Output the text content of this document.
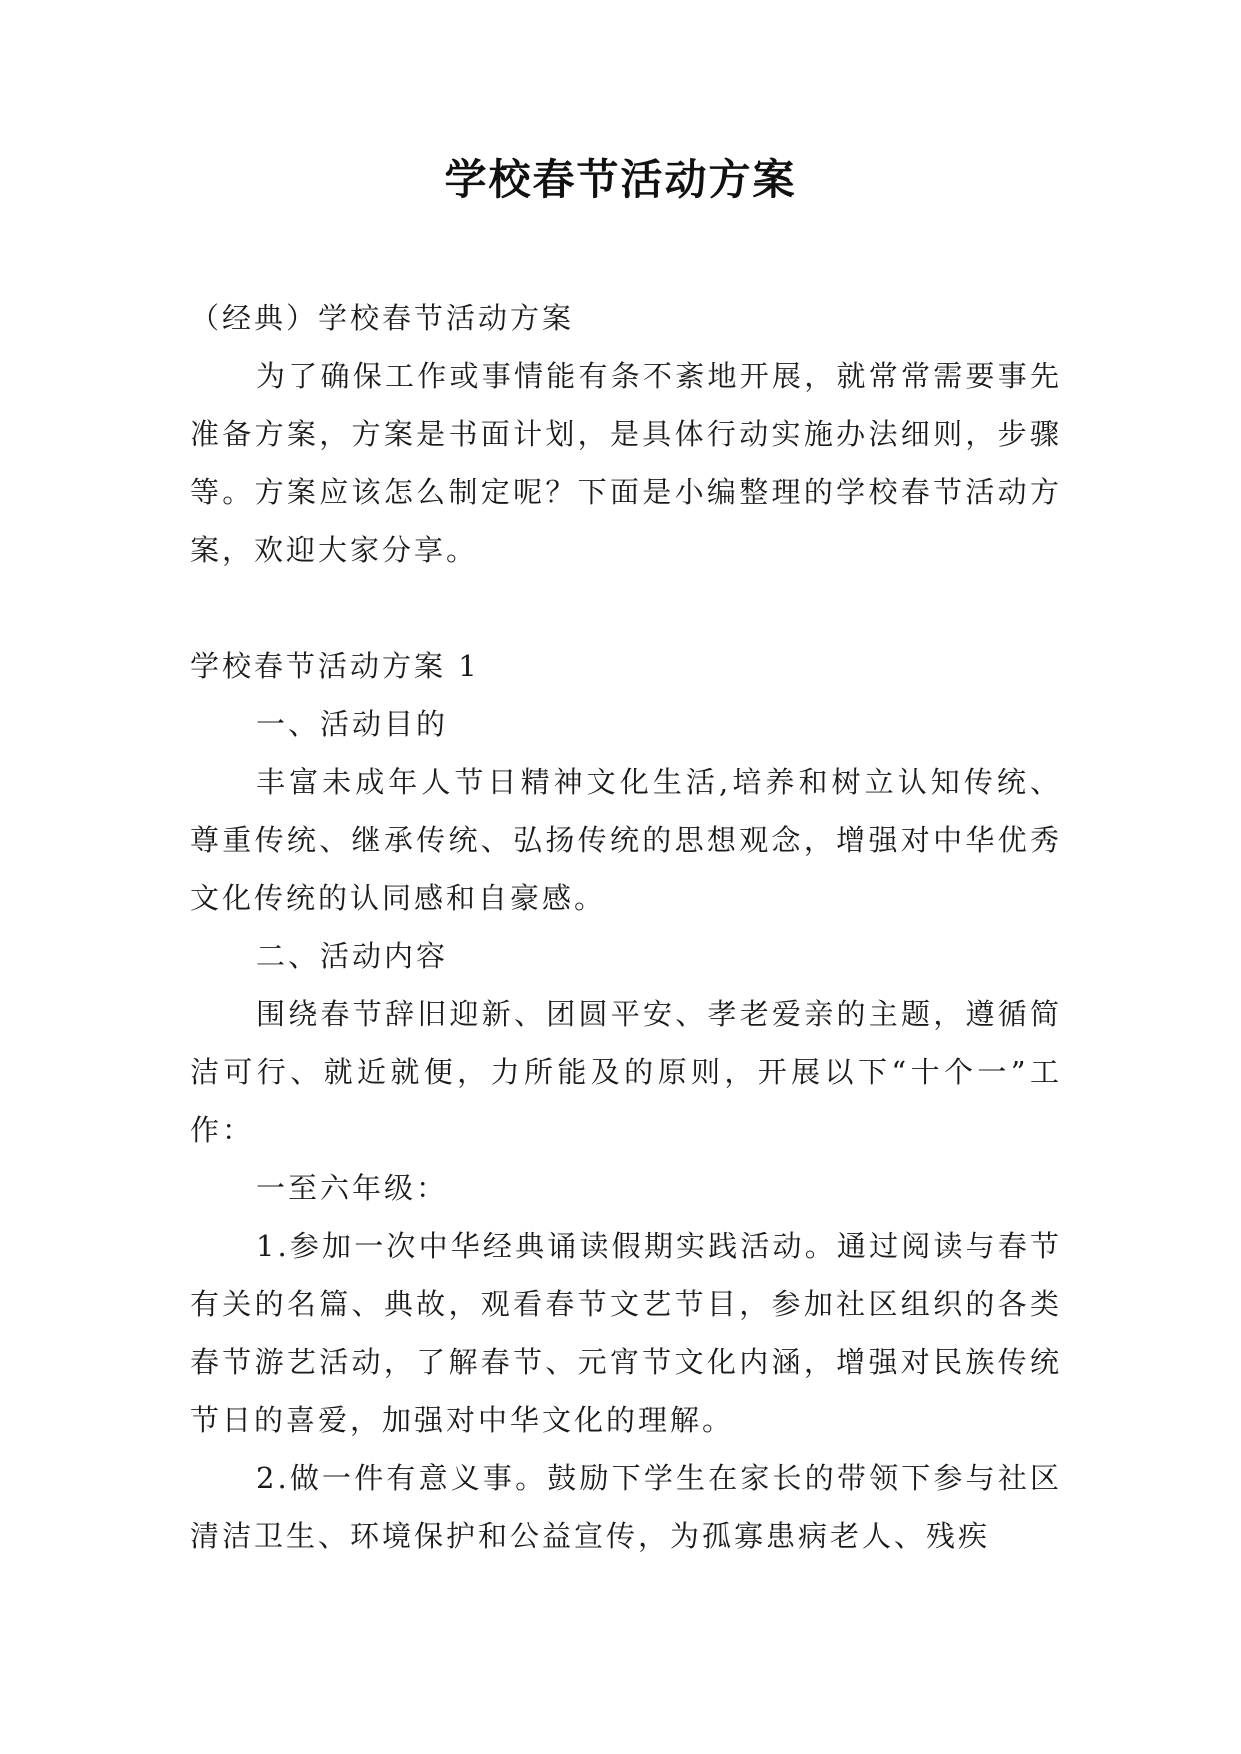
学校春节活动方案

（经典）学校春节活动方案

为了确保工作或事情能有条不紊地开展，就常常需要事先准备方案，方案是书面计划，是具体行动实施办法细则，步骤等。方案应该怎么制定呢？下面是小编整理的学校春节活动方案，欢迎大家分享。

学校春节活动方案 1

一、活动目的

丰富未成年人节日精神文化生活,培养和树立认知传统、尊重传统、继承传统、弘扬传统的思想观念，增强对中华优秀文化传统的认同感和自豪感。

二、活动内容

围绕春节辞旧迎新、团圆平安、孝老爱亲的主题，遵循简洁可行、就近就便，力所能及的原则，开展以下“十个一”工作：

一至六年级：

1.参加一次中华经典诵读假期实践活动。通过阅读与春节有关的名篇、典故，观看春节文艺节目，参加社区组织的各类春节游艺活动，了解春节、元宵节文化内涵，增强对民族传统节日的喜爱，加强对中华文化的理解。

2.做一件有意义事。鼓励下学生在家长的带领下参与社区清洁卫生、环境保护和公益宣传，为孤寡患病老人、残疾
